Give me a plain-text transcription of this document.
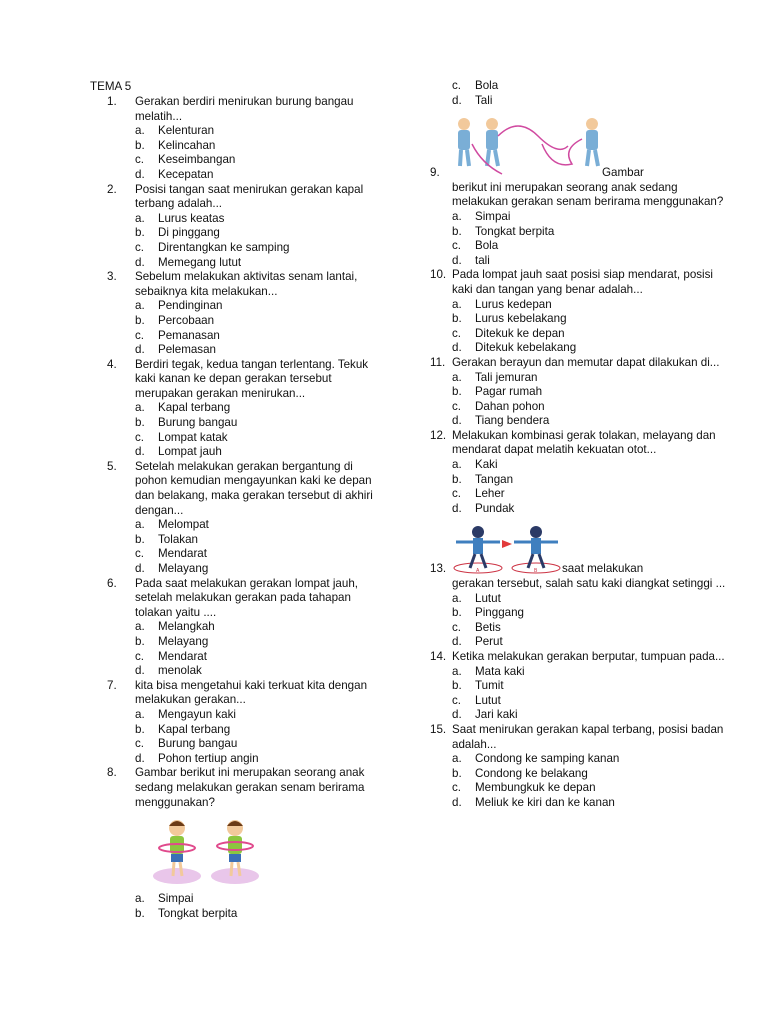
TEMA 5
1.	Gerakan berdiri menirukan burung bangau melatih...
a.	Kelenturan
b.	Kelincahan
c.	Keseimbangan
d.	Kecepatan
2.	Posisi tangan saat menirukan gerakan kapal terbang adalah...
a.	Lurus keatas
b.	Di pinggang
c.	Direntangkan ke samping
d.	Memegang lutut
3.	Sebelum melakukan aktivitas senam lantai, sebaiknya kita melakukan...
a.	Pendinginan
b.	Percobaan
c.	Pemanasan
d.	Pelemasan
4.	Berdiri tegak, kedua tangan terlentang. Tekuk kaki kanan ke depan gerakan tersebut merupakan gerakan menirukan...
a.	Kapal terbang
b.	Burung bangau
c.	Lompat katak
d.	Lompat jauh
5.	Setelah melakukan gerakan bergantung di pohon kemudian mengayunkan kaki ke depan dan belakang, maka gerakan tersebut di akhiri dengan...
a.	Melompat
b.	Tolakan
c.	Mendarat
d.	Melayang
6.	Pada saat melakukan gerakan lompat jauh, setelah melakukan gerakan pada tahapan tolakan yaitu ....
a.	Melangkah
b.	Melayang
c.	Mendarat
d.	menolak
7.	kita bisa mengetahui kaki terkuat kita dengan melakukan gerakan...
a.	Mengayun kaki
b.	Kapal terbang
c.	Burung bangau
d.	Pohon tertiup angin
8.	Gambar berikut ini merupakan seorang anak sedang melakukan gerakan senam berirama menggunakan?
a.	Simpai
b.	Tongkat berpita
c.	Bola
d.	Tali
9.	Gambar
berikut ini merupakan seorang anak sedang melakukan gerakan senam berirama menggunakan?
a.	Simpai
b.	Tongkat berpita
c.	Bola
d.	tali
10. Pada lompat jauh saat posisi siap mendarat, posisi kaki dan tangan yang benar adalah...
a.	Lurus kedepan
b.	Lurus kebelakang
c.	Ditekuk ke depan
d.	Ditekuk kebelakang
11. Gerakan berayun dan memutar dapat dilakukan di...
a.	Tali jemuran
b.	Pagar rumah
c.	Dahan pohon
d.	Tiang bendera
12. Melakukan kombinasi gerak tolakan, melayang dan mendarat dapat melatih kekuatan otot...
a.	Kaki
b.	Tangan
c.	Leher
d.	Pundak
A	B
13.	saat melakukan
gerakan tersebut, salah satu kaki diangkat setinggi ...
a.	Lutut
b.	Pinggang
c.	Betis
d.	Perut
14. Ketika melakukan gerakan berputar, tumpuan pada...
a.	Mata kaki
b.	Tumit
c.	Lutut
d.	Jari kaki
15. Saat menirukan gerakan kapal terbang, posisi badan adalah...
a.	Condong ke samping kanan
b.	Condong ke belakang
c.	Membungkuk ke depan
d.	Meliuk ke kiri dan ke kanan
